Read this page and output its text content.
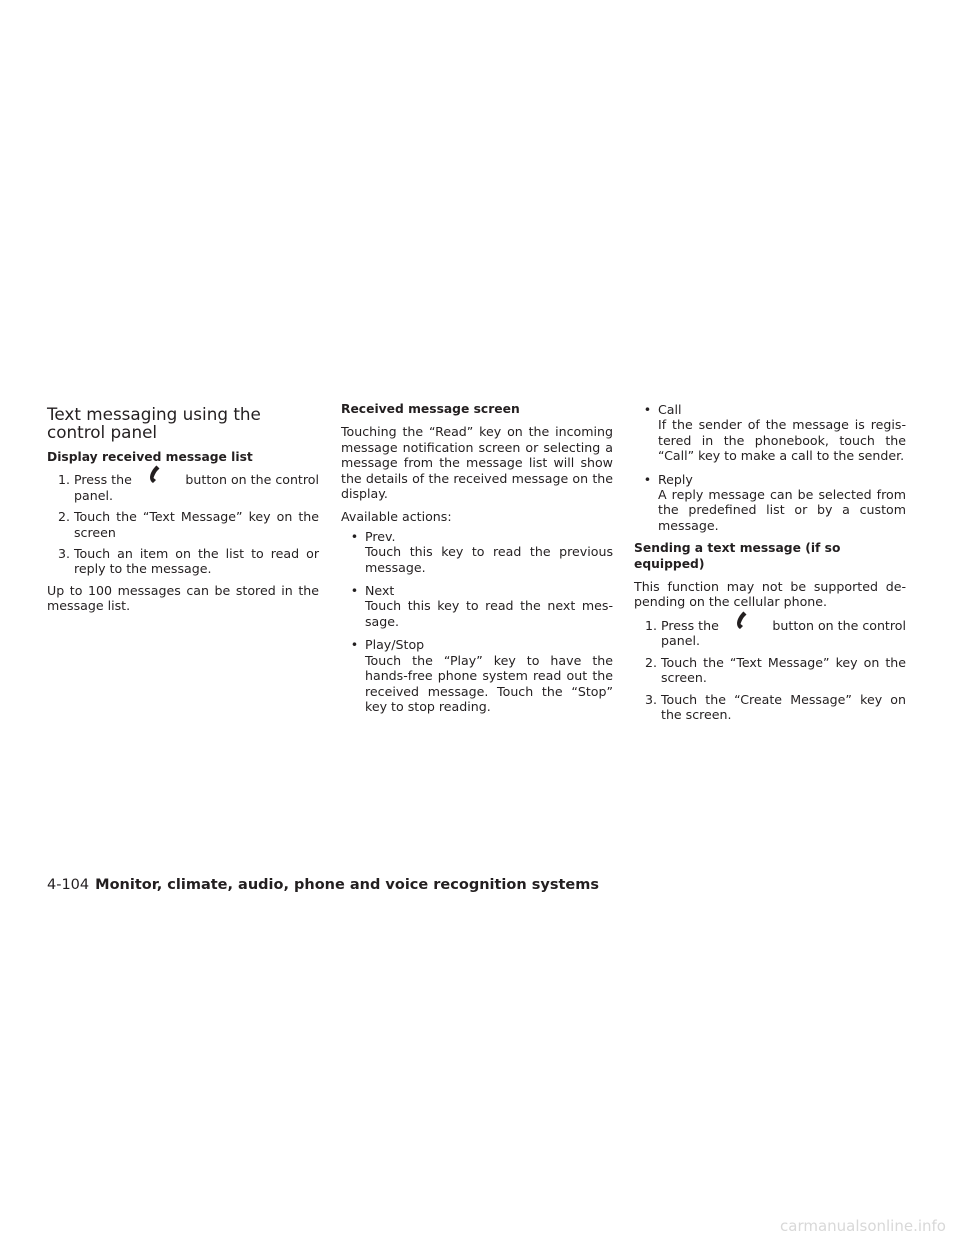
Text messaging using the control panel
Display received message list
1. Press the	button on the control
panel.
2. Touch the “Text Message” key on the screen
3. Touch an item on the list to read or reply to the message.

Up to 100 messages can be stored in the message list.

Received message screen

Touching the “Read” key on the incoming message notification screen or selecting a message from the message list will show the details of the received message on the display.

Available actions:

• Prev.
Touch this key to read the previous message.
• Next
Touch this key to read the next message.
• Play/Stop
Touch the “Play” key to have the hands-free phone system read out the received message. Touch the “Stop” key to stop reading.
• Call
If the sender of the message is registered in the phonebook, touch the “Call” key to make a call to the sender.
• Reply
A reply message can be selected from the predefined list or by a custom message.
Sending a text message (if so equipped)

This function may not be supported depending on the cellular phone.

1. Press the	button on the control
panel.
2. Touch the “Text Message” key on the screen.
3. Touch the “Create Message” key on the screen.
4-104 Monitor, climate, audio, phone and voice recognition systems
carmanualsonline.info
